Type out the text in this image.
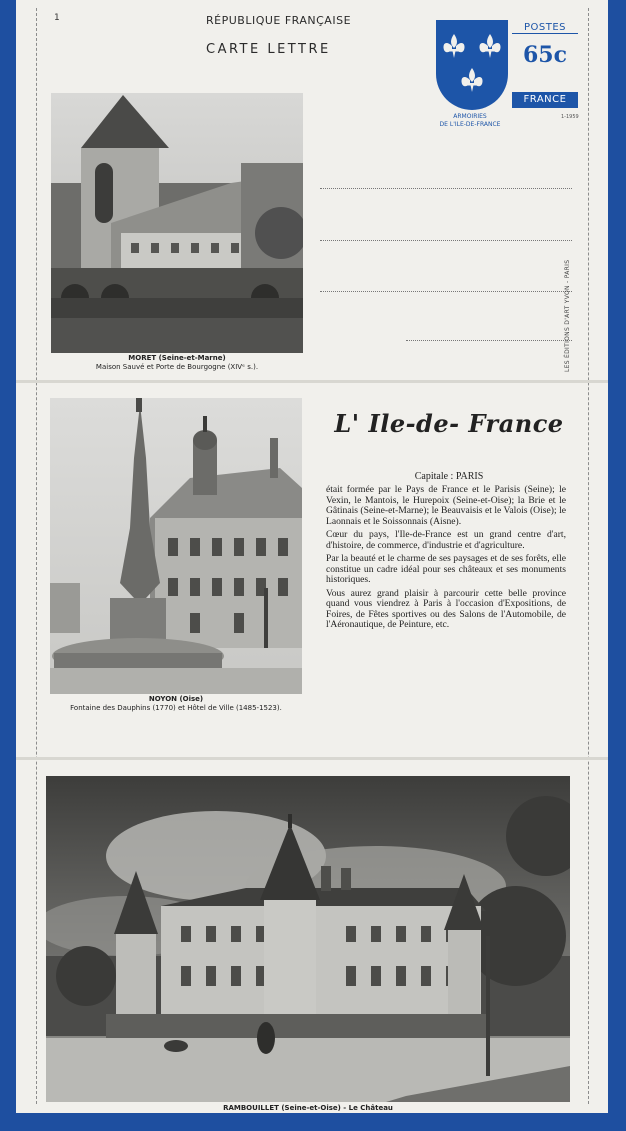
1	RÉPUBLIQUE FRANÇAISE
CARTE LETTRE
POSTES
65c
FRANCE
ARMOIRIES
DE L'ILE-DE-FRANCE
1-1959
LES ÉDITIONS D'ART YVON - PARIS
MORET (Seine-et-Marne)
Maison Sauvé et Porte de Bourgogne (XIVᵉ s.).
NOYON (Oise)
Fontaine des Dauphins (1770) et Hôtel de Ville (1485-1523).
L' Ile-de- France
Capitale : PARIS

était formée par le Pays de France et le Parisis (Seine); le Vexin, le Mantois, le Hurepoix (Seine-et-Oise); la Brie et le Gâtinais (Seine-et-Marne); le Beauvaisis et le Valois (Oise); le Laonnais et le Soissonnais (Aisne).

Cœur du pays, l'Ile-de-France est un grand centre d'art, d'histoire, de commerce, d'industrie et d'agriculture.

Par la beauté et le charme de ses paysages et de ses forêts, elle constitue un cadre idéal pour ses châteaux et ses monuments historiques.

Vous aurez grand plaisir à parcourir cette belle province quand vous viendrez à Paris à l'occasion d'Expositions, de Foires, de Fêtes sportives ou des Salons de l'Automobile, de l'Aéronautique, de Peinture, etc.

RAMBOUILLET (Seine-et-Oise) - Le Château
